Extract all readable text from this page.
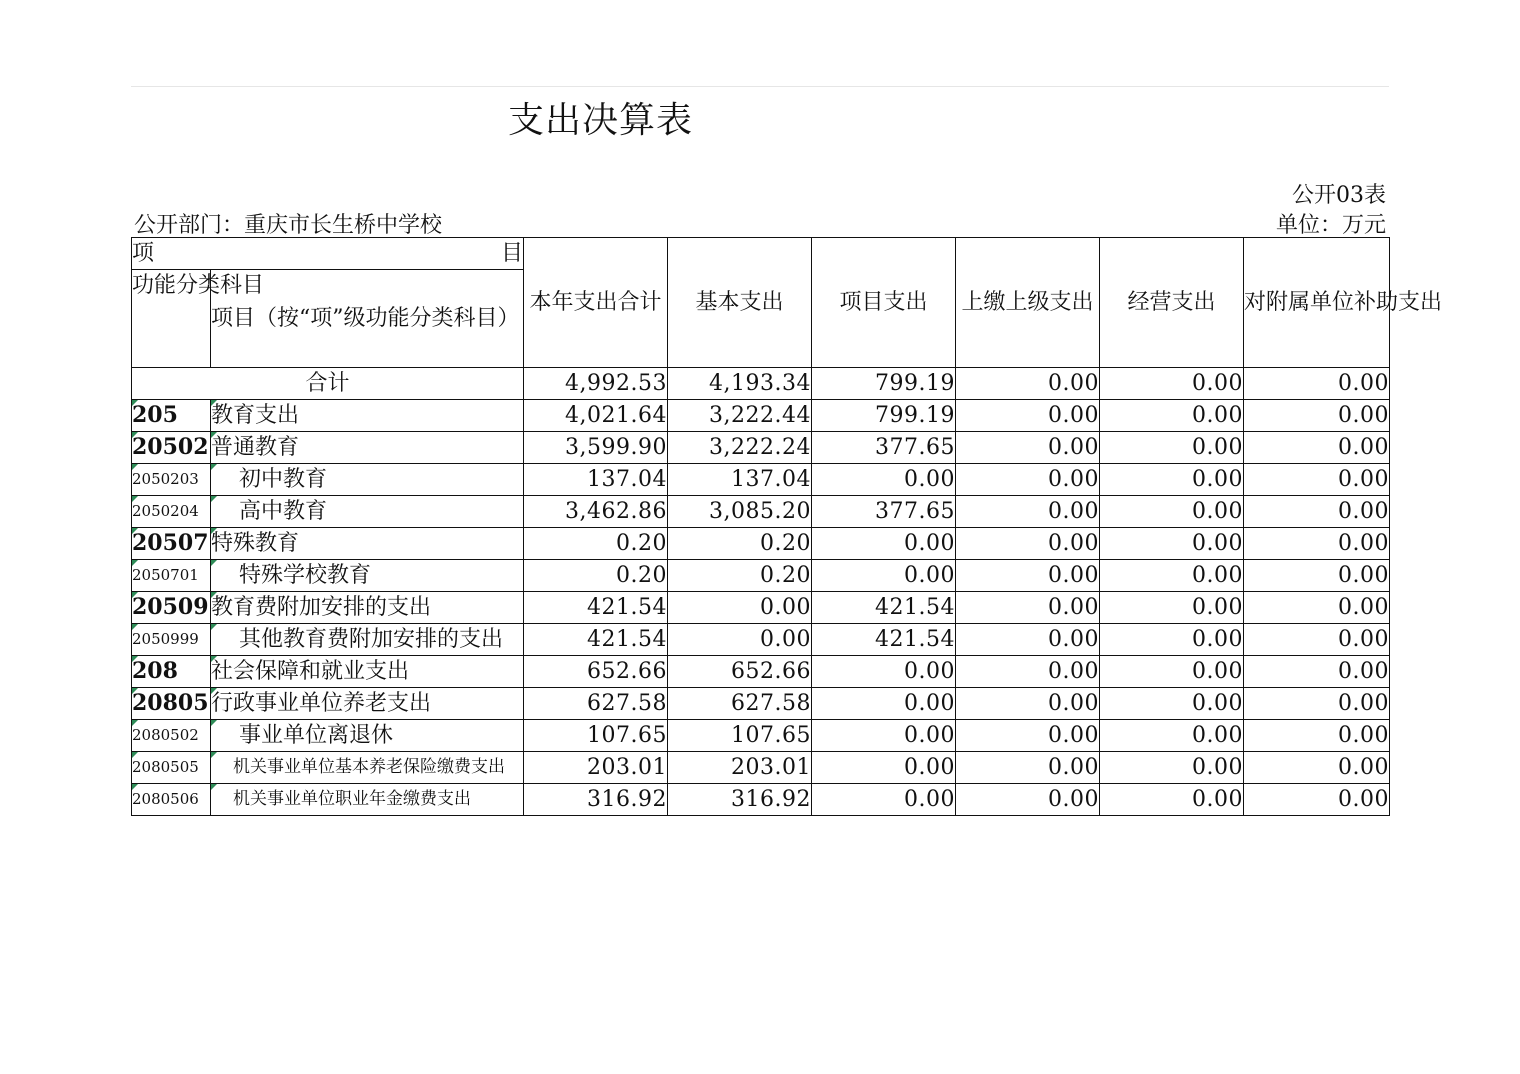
支出决算表
公开03表
单位：万元
公开部门：重庆市长生桥中学校
项 目		本年支出合计	基本支出	项目支出	上缴上级支出	经营支出	对附属单位补助支出
功能分类科目	项目（按“项”级功能分类科目）						
合计		4,992.53	4,193.34	799.19	0.00	0.00	0.00
205	教育支出	4,021.64	3,222.44	799.19	0.00	0.00	0.00
20502	普通教育	3,599.90	3,222.24	377.65	0.00	0.00	0.00
2050203	初中教育	137.04	137.04	0.00	0.00	0.00	0.00
2050204	高中教育	3,462.86	3,085.20	377.65	0.00	0.00	0.00
20507	特殊教育	0.20	0.20	0.00	0.00	0.00	0.00
2050701	特殊学校教育	0.20	0.20	0.00	0.00	0.00	0.00
20509	教育费附加安排的支出	421.54	0.00	421.54	0.00	0.00	0.00
2050999	其他教育费附加安排的支出	421.54	0.00	421.54	0.00	0.00	0.00
208	社会保障和就业支出	652.66	652.66	0.00	0.00	0.00	0.00
20805	行政事业单位养老支出	627.58	627.58	0.00	0.00	0.00	0.00
2080502	事业单位离退休	107.65	107.65	0.00	0.00	0.00	0.00
2080505	机关事业单位基本养老保险缴费支出	203.01	203.01	0.00	0.00	0.00	0.00
2080506	机关事业单位职业年金缴费支出	316.92	316.92	0.00	0.00	0.00	0.00
